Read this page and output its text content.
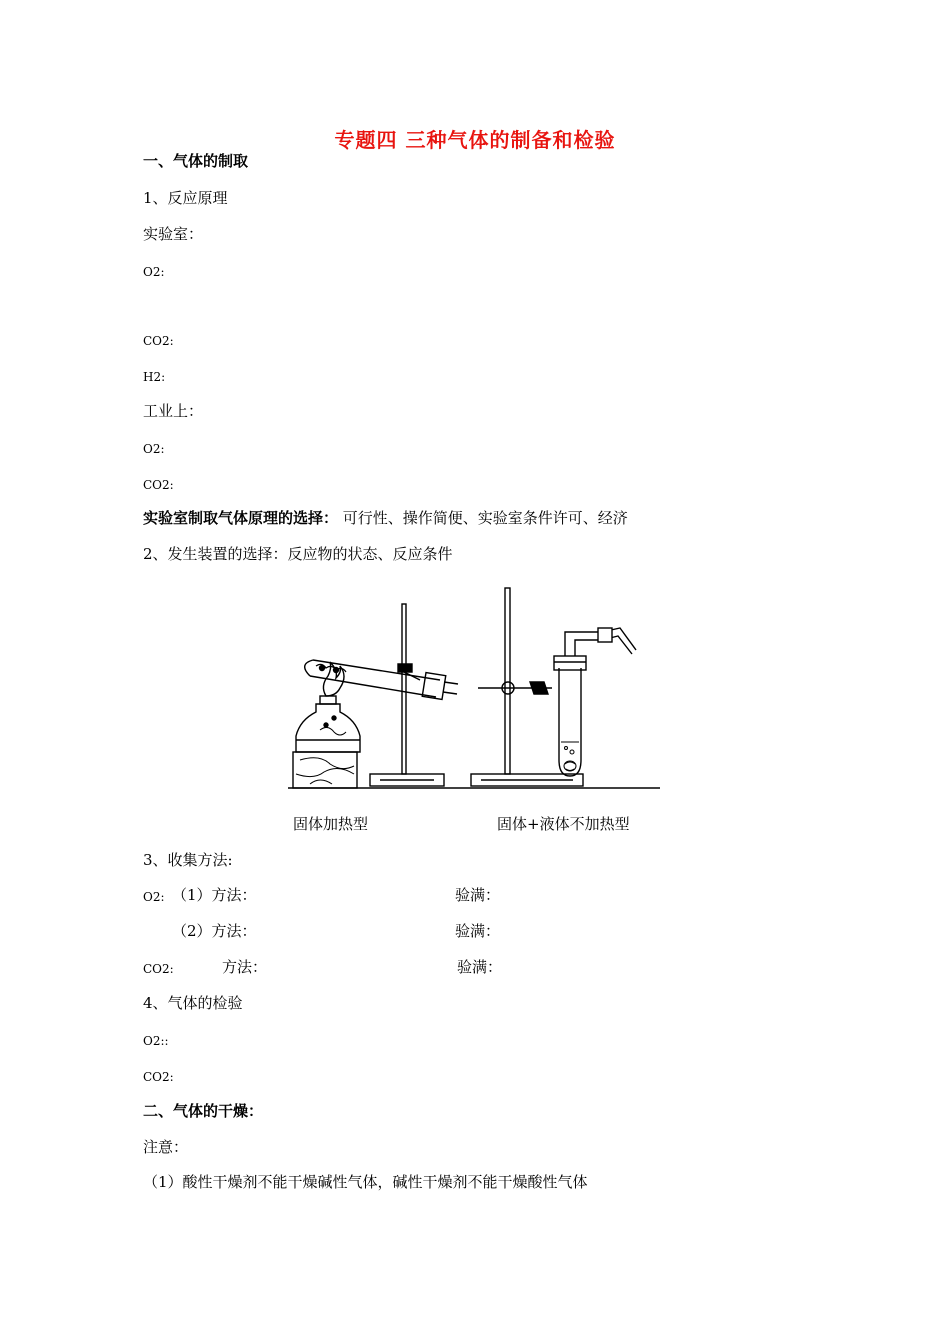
专题四 三种气体的制备和检验
一、气体的制取
1、反应原理
实验室：
O2:
CO2:
H2:
工业上：
O2:
CO2:
实验室制取气体原理的选择： 可行性、操作简便、实验室条件许可、经济
2、发生装置的选择：反应物的状态、反应条件
固体加热型	固体+液体不加热型
3、收集方法:
O2: （1）方法：	验满：
（2）方法：	验满：
CO2:	方法：	验满：
4、气体的检验
O2::
CO2:
二、气体的干燥：
注意：
（1）酸性干燥剂不能干燥碱性气体，碱性干燥剂不能干燥酸性气体
